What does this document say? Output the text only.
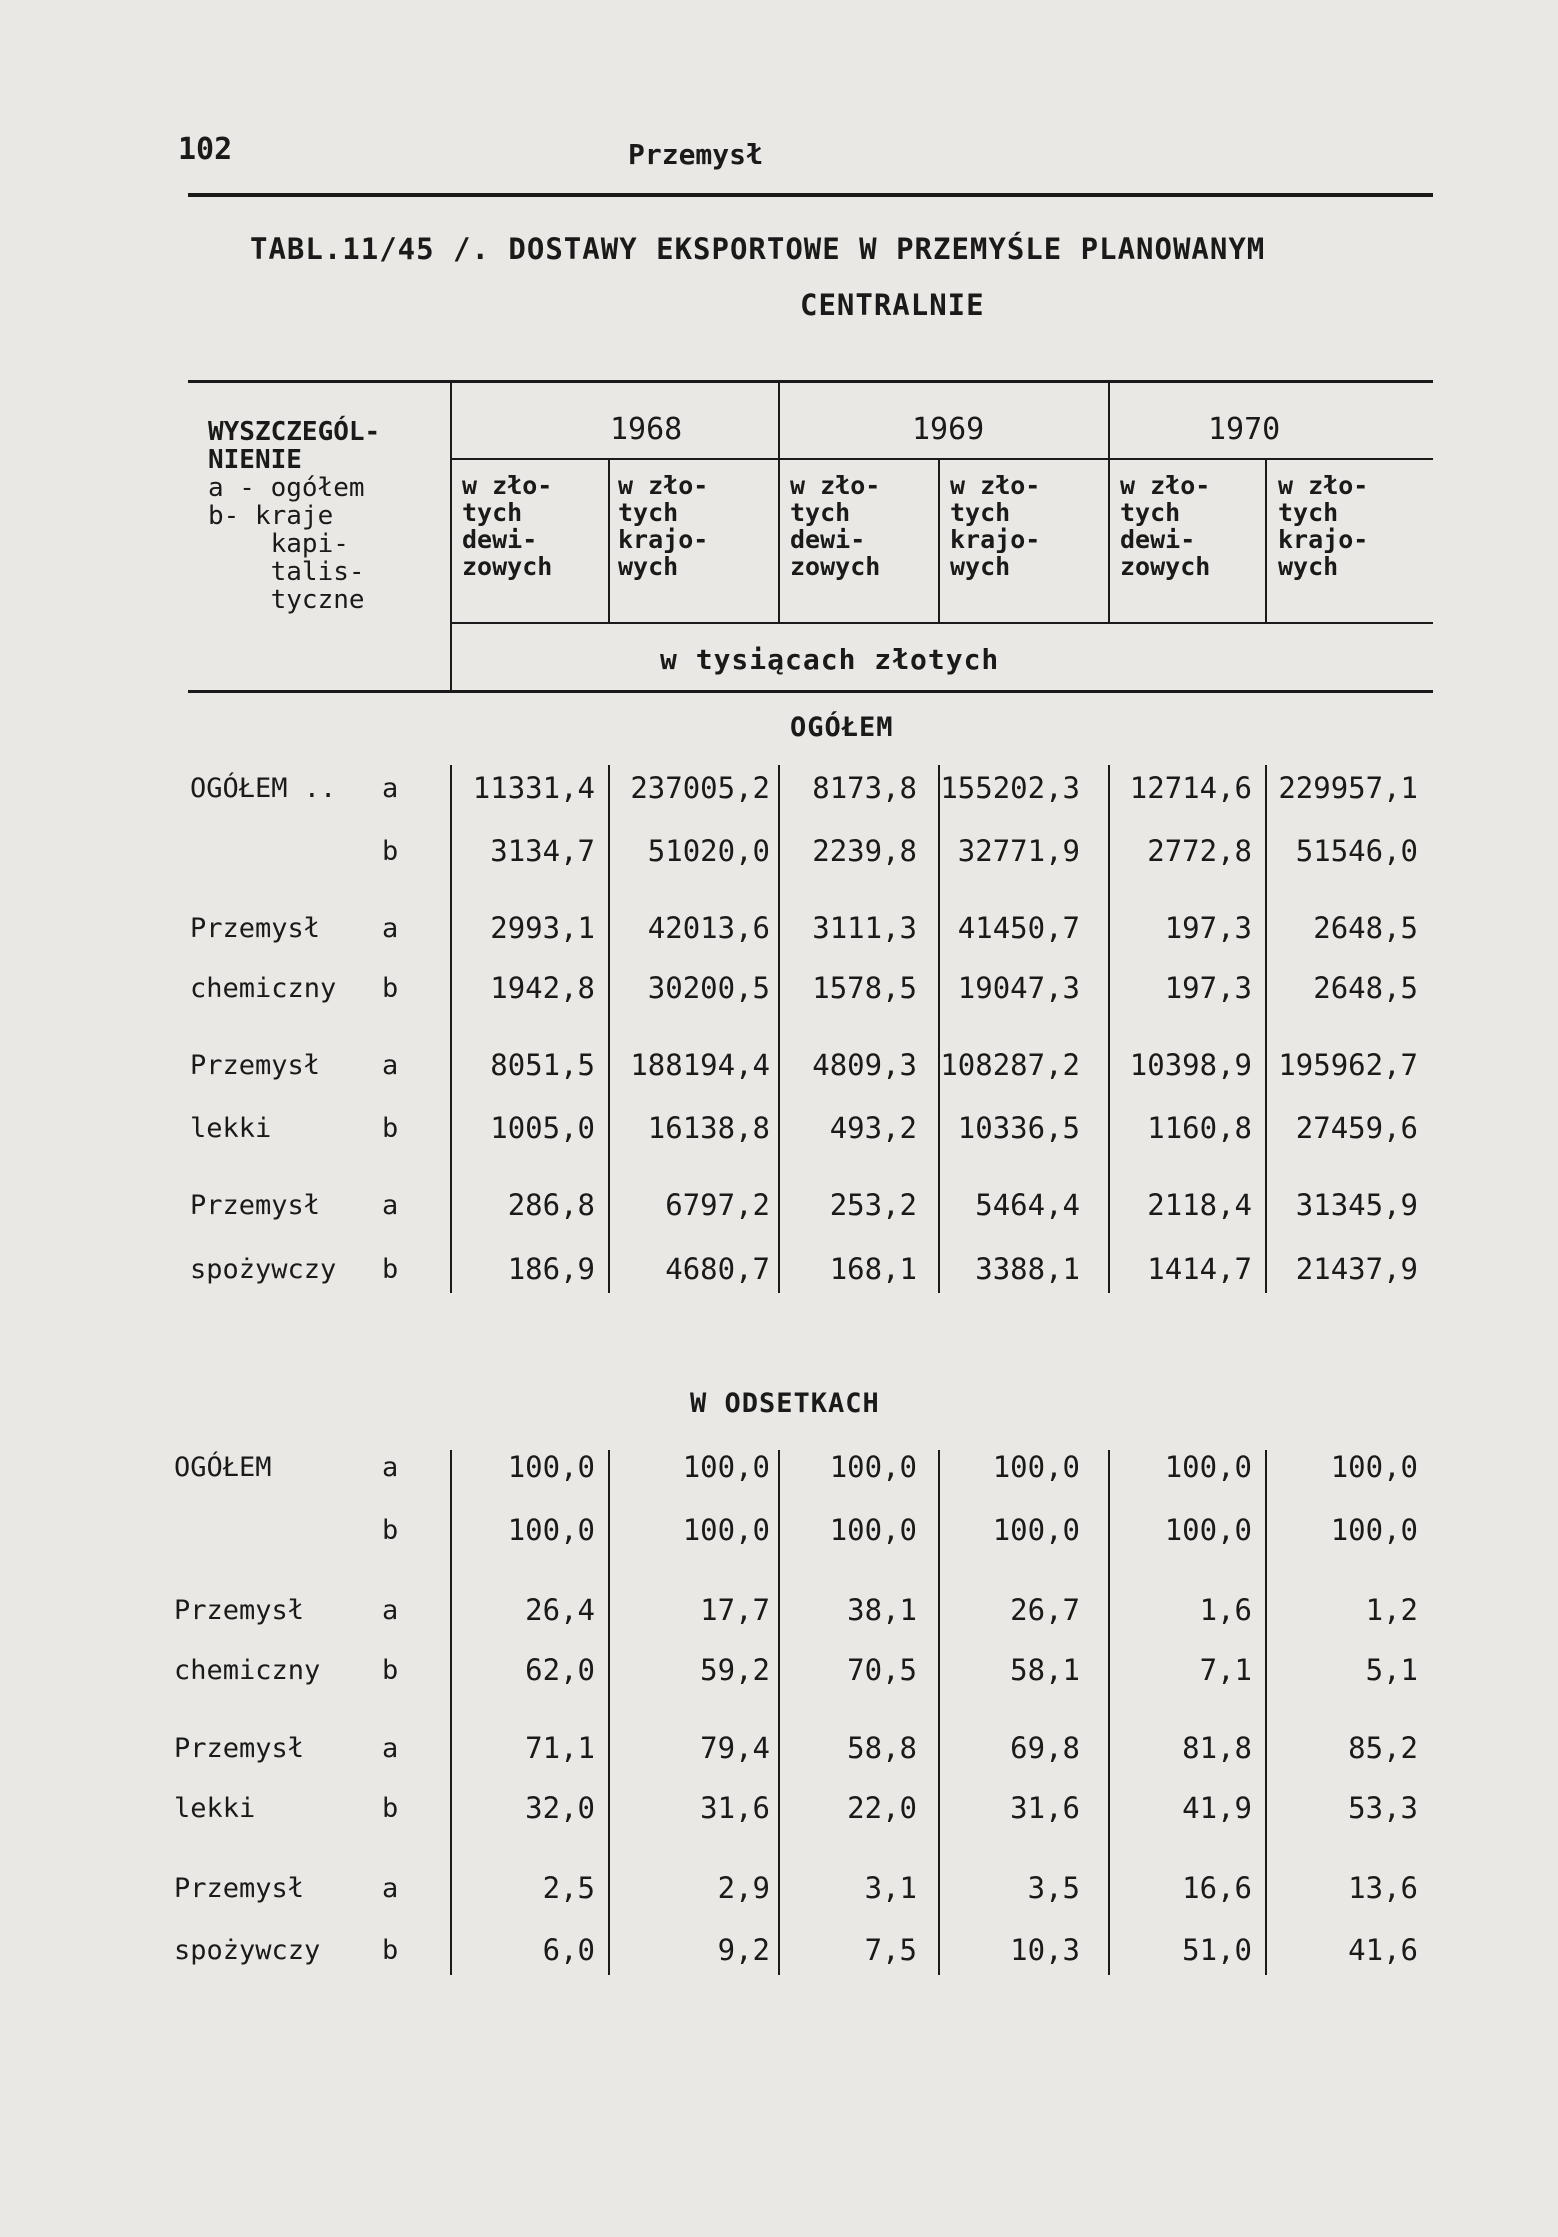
102	Przemysł
TABL.11/45 /. DOSTAWY EKSPORTOWE W PRZEMYŚLE PLANOWANYM
CENTRALNIE
WYSZCZEGÓL-
NIENIE
a - ogółem
b- kraje
kapi-
talis-
tyczne
1968	1969	1970
w zło-
tych
dewi-
zowych
w zło-
tych
krajo-
wych
w zło-
tych
dewi-
zowych
w zło-
tych
krajo-
wych
w zło-
tych
dewi-
zowych
w zło-
tych
krajo-
wych
w tysiącach złotych
OGÓŁEM
OGÓŁEM .. a	11331,4	237005,2	8173,8 155202,3	12714,6 229957,1
b	3134,7	51020,0	2239,8	32771,9	2772,8	51546,0
Przemysł a	2993,1	42013,6	3111,3	41450,7	197,3	2648,5
chemiczny b	1942,8	30200,5	1578,5	19047,3	197,3	2648,5
Przemysł a	8051,5	188194,4	4809,3 108287,2	10398,9 195962,7
lekki	b	1005,0	16138,8	493,2	10336,5	1160,8	27459,6
Przemysł a	286,8	6797,2	253,2	5464,4	2118,4	31345,9
spożywczy b	186,9	4680,7	168,1	3388,1	1414,7	21437,9
W ODSETKACH
OGÓŁEM	a	100,0	100,0	100,0	100,0	100,0	100,0
b	100,0	100,0	100,0	100,0	100,0	100,0
Przemysł	a	26,4	17,7	38,1	26,7	1,6	1,2
chemiczny b	62,0	59,2	70,5	58,1	7,1	5,1
Przemysł	a	71,1	79,4	58,8	69,8	81,8	85,2
lekki	b	32,0	31,6	22,0	31,6	41,9	53,3
Przemysł	a	2,5	2,9	3,1	3,5	16,6	13,6
spożywczy b	6,0	9,2	7,5	10,3	51,0	41,6
